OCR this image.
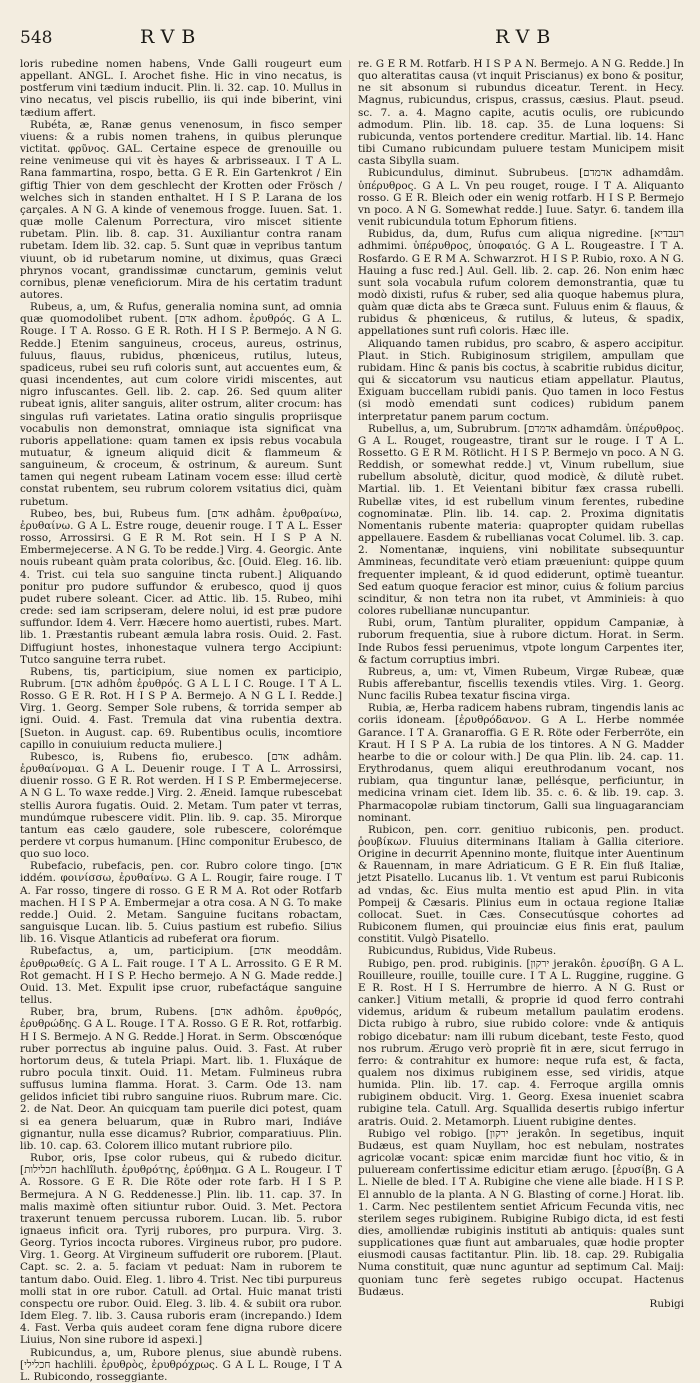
548	RVB	RVB

loris rubedine nomen habens, Vnde Galli rougeurt eum appellant. ANGL. I. Arochet fishe. Hic in vino necatus, is postferum vini tædium inducit. Plin. li. 32. cap. 10. Mullus in vino necatus, vel piscis rubellio, iis qui inde biberint, vini tædium affert.

Rubéta, æ, Ranæ genus venenosum, in fisco semper viuens: & a rubis nomen trahens, in quibus plerunque victitat. φρῦνος. GAL. Certaine espece de grenouille ou reine venimeuse qui vit ès hayes & arbrisseaux. I T A L. Rana fammartina, rospo, betta. G E R. Ein Gartenkrot / Ein giftig Thier von dem geschlecht der Krotten oder Frösch / welches sich in standen enthaltet. H I S P. Larana de los çarçales. A N G. A kinde of venemous frogge. Iuuen. Sat. 1. quæ molle Calenum Porrectura, viro miscet sitiente rubetam. Plin. lib. 8. cap. 31. Auxiliantur contra ranam rubetam. Idem lib. 32. cap. 5. Sunt quæ in vepribus tantum viuunt, ob id rubetarum nomine, ut diximus, quas Græci phrynos vocant, grandissimæ cunctarum, geminis velut cornibus, plenæ veneficiorum. Mira de his certatim tradunt autores.

Rubeus, a, um, & Rufus, generalia nomina sunt, ad omnia quæ quomodolibet rubent. [אדם adhom. ἐρυθρός. G A L. Rouge. I T A. Rosso. G E R. Roth. H I S P. Bermejo. A N G. Redde.] Etenim sanguineus, croceus, aureus, ostrinus, fuluus, flauus, rubidus, phœniceus, rutilus, luteus, spadiceus, rubei seu rufi coloris sunt, aut accuentes eum, & quasi incendentes, aut cum colore viridi miscentes, aut nigro infuscantes. Gell. lib. 2. cap. 26. Sed quum aliter rubeat ignis, aliter sanguis, aliter ostrum, aliter crocum: has singulas rufi varietates. Latina oratio singulis propriisque vocabulis non demonstrat, omniaque ista significat vna ruboris appellatione: quam tamen ex ipsis rebus vocabula mutuatur, & igneum aliquid dicit & flammeum & sanguineum, & croceum, & ostrinum, & aureum. Sunt tamen qui negent rubeam Latinam vocem esse: illud certè constat rubentem, seu rubrum colorem vsitatius dici, quàm rubetum.

Rubeo, bes, bui, Rubeus fum. [אדם adhâm. ἐρυθραίνω, ἐρυθαίνω. G A L. Estre rouge, deuenir rouge. I T A L. Esser rosso, Arrossirsi. G E R M. Rot sein. H I S P A N. Embermejecerse. A N G. To be redde.] Virg. 4. Georgic. Ante nouis rubeant quàm prata coloribus, &c. [Ouid. Eleg. 16. lib. 4. Trist. cui tela suo sanguine tincta rubent.] Aliquando ponitur pro pudore suffundor & erubesco, quod ij quos pudet rubere soleant. Cicer. ad Attic. lib. 15. Rubeo, mihi crede: sed iam scripseram, delere nolui, id est præ pudore suffundor. Idem 4. Verr. Hæcere homo auertisti, rubes. Mart. lib. 1. Præstantis rubeant æmula labra rosis. Ouid. 2. Fast. Diffugiunt hostes, inhonestaque vulnera tergo Accipiunt: Tutco sanguine terra rubet.

Rubens, tis, participium, siue nomen ex participio, Rubrum. [אדם adhôm ἐρυθρός. G A L L I C. Rouge. I T A L. Rosso. G E R. Rot. H I S P A. Bermejo. A N G L I. Redde.] Virg. 1. Georg. Semper Sole rubens, & torrida semper ab igni. Ouid. 4. Fast. Tremula dat vina rubentia dextra. [Sueton. in August. cap. 69. Rubentibus oculis, incomtiore capillo in conuiuium reducta muliere.]

Rubesco, is, Rubens fio, erubesco. [אדם adhâm. ἐρυθαίνομαι. G A L. Deuenir rouge. I T A L. Arrossirsi, diuenir rosso. G E R. Rot werden. H I S P. Embermejecerse. A N G L. To waxe redde.] Virg. 2. Æneid. Iamque rubescebat stellis Aurora fugatis. Ouid. 2. Metam. Tum pater vt terras, mundúmque rubescere vidit. Plin. lib. 9. cap. 35. Mirorque tantum eas cælo gaudere, sole rubescere, colorémque perdere vt corpus humanum. [Hinc componitur Erubesco, de quo suo loco.

Rubefacio, rubefacis, pen. cor. Rubro colore tingo. [אדם iddém. φοινίσσω, ἐρυθαίνω. G A L. Rougir, faire rouge. I T A. Far rosso, tingere di rosso. G E R M A. Rot oder Rotfarb machen. H I S P A. Embermejar a otra cosa. A N G. To make redde.] Ouid. 2. Metam. Sanguine fucitans robactam, sanguisque Lucan. lib. 5. Cuius pastium est rubefio. Silius lib. 16. Visque Atlanticis ad rubeferat ora fiorum.

Rubefactus, a, um, participium. [אדם meoddâm. ἐρυθρωθείς. G A L. Fait rouge. I T A L. Arrossito. G E R M. Rot gemacht. H I S P. Hecho bermejo. A N G. Made redde.] Ouid. 13. Met. Expulit ipse cruor, rubefactáque sanguine tellus.

Ruber, bra, brum, Rubens. [אדם adhôm. ἐρυθρός, ἐρυθρώδης. G A L. Rouge. I T A. Rosso. G E R. Rot, rotfarbig. H I S. Bermejo. A N G. Redde.] Horat. in Serm. Obscœnóque ruber porrectus ab inguine palus. Ouid. 3. Fast. At ruber hortorum deus, & tutela Priapi. Mart. lib. 1. Fluxáque de rubro pocula tinxit. Ouid. 11. Metam. Fulmineus rubra suffusus lumina flamma. Horat. 3. Carm. Ode 13. nam gelidos inficiet tibi rubro sanguine riuos. Rubrum mare. Cic. 2. de Nat. Deor. An quicquam tam puerile dici potest, quam si ea genera beluarum, quæ in Rubro mari, Indiáve gignantur, nulla esse dicamus? Rubrior, comparatiuus. Plin. lib. 10. cap. 63. Colorem illico mutant rubriore pilo.

Rubor, oris, Ipse color rubeus, qui & rubedo dicitur. [חכלילות hachlîluth. ἐρυθρότης, ἐρύθημα. G A L. Rougeur. I T A. Rossore. G E R. Die Röte oder rote farb. H I S P. Bermejura. A N G. Reddenesse.] Plin. lib. 11. cap. 37. In malis maximè often sitiuntur rubor. Ouid. 3. Met. Pectora traxerunt tenuem percussa ruborem. Lucan. lib. 5. rubor ignaeus inficit ora. Tyrij rubores, pro purpura. Virg. 3. Georg. Tyrios incocta rubores. Virgineus rubor, pro pudore. Virg. 1. Georg. At Virgineum suffuderit ore ruborem. [Plaut. Capt. sc. 2. a. 5. faciam vt peduat: Nam in ruborem te tantum dabo. Ouid. Eleg. 1. libro 4. Trist. Nec tibi purpureus molli stat in ore rubor. Catull. ad Ortal. Huic manat tristi conspectu ore rubor. Ouid. Eleg. 3. lib. 4. & subiit ora rubor. Idem Eleg. 7. lib. 3. Causa ruboris eram (increpando.) Idem 4. Fast. Verba quis audeet coram fene digna rubore dicere Liuius, Non sine rubore id aspexi.]

Rubicundus, a, um, Rubore plenus, siue abundè rubens. [חכלילי hachlili. ἐρυθρὸς, ἐρυθρόχρως. G A L L. Rouge, I T A L. Rubicondo, rosseggiante.

re. G E R M. Rotfarb. H I S P A N. Bermejo. A N G. Redde.] In quo alteratitas causa (vt inquit Priscianus) ex bono & positur, ne sit absonum si rubundus diceatur. Terent. in Hecy. Magnus, rubicundus, crispus, crassus, cæsius. Plaut. pseud. sc. 7. a. 4. Magno capite, acutis oculis, ore rubicundo admodum. Plin. lib. 18. cap. 35. de Luna loquens: Si rubicunda, ventos portendere creditur. Martial. lib. 14. Hanc tibi Cumano rubicundam puluere testam Municipem misit casta Sibylla suam.

Rubicundulus, diminut. Subrubeus. [אדמדם adhamdâm. ὑπέρυθρος. G A L. Vn peu rouget, rouge. I T A. Aliquanto rosso. G E R. Bleich oder ein wenig rotfarb. H I S P. Bermejo vn poco. A N G. Somewhat redde.] Iuue. Satyr. 6. tandem illa venit rubicundula totum Ephorum fitiens.

Rubidus, da, dum, Rufus cum aliqua nigredine. [רעבדיא adhmimi. ὑπέρυθρος, ὑποφαιός. G A L. Rougeastre. I T A. Rosfardo. G E R M A. Schwarzrot. H I S P. Rubio, roxo. A N G. Hauing a fusc red.] Aul. Gell. lib. 2. cap. 26. Non enim hæc sunt sola vocabula rufum colorem demonstrantia, quæ tu modò dixisti, rufus & ruber, sed alia quoque habemus plura, quàm quæ dicta abs te Græca sunt. Fuluus enim & flauus, & rubidus & phœniceus, & rutilus, & luteus, & spadix, appellationes sunt rufi coloris. Hæc ille.

Aliquando tamen rubidus, pro scabro, & aspero accipitur. Plaut. in Stich. Rubiginosum strigilem, ampullam que rubidam. Hinc & panis bis coctus, à scabritie rubidus dicitur, qui & siccatorum vsu nauticus etiam appellatur. Plautus, Exiguam buccellam rubidi panis. Quo tamen in loco Festus (si modò emendati sunt codices) rubidum panem interpretatur panem parum coctum.

Rubellus, a, um, Subrubrum. [אדמדם adhamdâm. ὑπέρυθρος. G A L. Rouget, rougeastre, tirant sur le rouge. I T A L. Rossetto. G E R M. Rötlicht. H I S P. Bermejo vn poco. A N G. Reddish, or somewhat redde.] vt, Vinum rubellum, siue rubellum absolutè, dicitur, quod modicè, & dilutè rubet. Martial. lib. 1. Et Veientani bibitur fæx crassa rubelli. Rubellæ vites, id est rubellum vinum ferentes, rubedine cognominatæ. Plin. lib. 14. cap. 2. Proxima dignitatis Nomentanis rubente materia: quapropter quidam rubellas appellauere. Easdem & rubellianas vocat Columel. lib. 3. cap. 2. Nomentanæ, inquiens, vini nobilitate subsequuntur Ammineas, fecunditate verò etiam præueniunt: quippe quum frequenter impleant, & id quod ediderunt, optimè tueantur. Sed eatum quoque feracior est minor, cuius & folium parcius scinditur, & non tetra non ita rubet, vt Amminieis: à quo colores rubellianæ nuncupantur.

Rubi, orum, Tantùm pluraliter, oppidum Campaniæ, à ruborum frequentia, siue à rubore dictum. Horat. in Serm. Inde Rubos fessi peruenimus, vtpote longum Carpentes iter, & factum corruptius imbri.

Rubreus, a, um: vt, Vimen Rubeum, Virgæ Rubeæ, quæ Rubis afferebantur, fiscellis texendis vtiles. Virg. 1. Georg. Nunc facilis Rubea texatur fiscina virga.

Rubia, æ, Herba radicem habens rubram, tingendis lanis ac coriis idoneam. [ἐρυθρόδανον. G A L. Herbe nommée Garance. I T A. Granaroffia. G E R. Röte oder Ferberröte, ein Kraut. H I S P A. La rubia de los tintores. A N G. Madder hearbe to die or colour with.] De qua Plin. lib. 24. cap. 11. Erythrodanus, quem aliqui ereuthrodanum vocant, nos rubiam, qua tinguntur lanæ, pellésque, perficiuntur, in medicina vrinam ciet. Idem lib. 35. c. 6. & lib. 19. cap. 3. Pharmacopolæ rubiam tinctorum, Galli sua linguagaranciam nominant.

Rubicon, pen. corr. genitiuo rubiconis, pen. product. ῥουβίκων. Fluuius diterminans Italiam à Gallia citeriore. Origine in decurrit Apennino monte, fluitque inter Auentinum & Rauennam, in mare Adriaticum. G E R. Ein fluß Italiæ, jetzt Pisatello. Lucanus lib. 1. Vt ventum est parui Rubiconis ad vndas, &c. Eius multa mentio est apud Plin. in vita Pompeij & Cæsaris. Plinius eum in octaua regione Italiæ collocat. Suet. in Cæs. Consecutúsque cohortes ad Rubiconem flumen, qui prouinciæ eius finis erat, paulum constitit. Vulgò Pisatello.

Rubicundus, Rubidus, Vide Rubeus.

Rubigo, pen. prod. rubiginis. [ירקון jerakôn. ἐρυσίβη. G A L. Rouilleure, rouille, touille cure. I T A L. Ruggine, ruggine. G E R. Rost. H I S. Herrumbre de hierro. A N G. Rust or canker.] Vitium metalli, & proprie id quod ferro contrahi videmus, aridum & rubeum metallum paulatim erodens. Dicta rubigo à rubro, siue rubido colore: vnde & antiquis robigo dicebatur: nam illi rubum dicebant, teste Festo, quod nos rubrum. Ærugo verò propriè fit in ære, sicut ferrugo in ferro: & contrahitur ex humore: neque rufa est, & facta, qualem nos diximus rubiginem esse, sed viridis, atque humida. Plin. lib. 17. cap. 4. Ferroque argilla omnis rubiginem obducit. Virg. 1. Georg. Exesa inueniet scabra rubigine tela. Catull. Arg. Squallida desertis rubigo infertur aratris. Ouid. 2. Metamorph. Liuent rubigine dentes.

Rubigo vel robigo. [ירקון jerakôn. In segetibus, inquit Budæus, est quam Nuyllam, hoc est nebulam, nostrates agricolæ vocant: spicæ enim marcidæ fiunt hoc vitio, & in pulueream confertissime edicitur etiam ærugo. [ἐρυσίβη. G A L. Nielle de bled. I T A. Rubigine che viene alle biade. H I S P. El annublo de la planta. A N G. Blasting of corne.] Horat. lib. 1. Carm. Nec pestilentem sentiet Africum Fecunda vitis, nec sterilem seges rubiginem. Rubigine Rubigo dicta, id est festi dies, amolliendæ rubiginis instituti ab antiquis: quales sunt supplicationes quæ fiunt aut ambaruales, quæ hodie propter eiusmodi causas factitantur. Plin. lib. 18. cap. 29. Rubigalia Numa constituit, quæ nunc aguntur ad septimum Cal. Maij: quoniam tunc ferè segetes rubigo occupat. Hactenus Budæus.

Rubigi
